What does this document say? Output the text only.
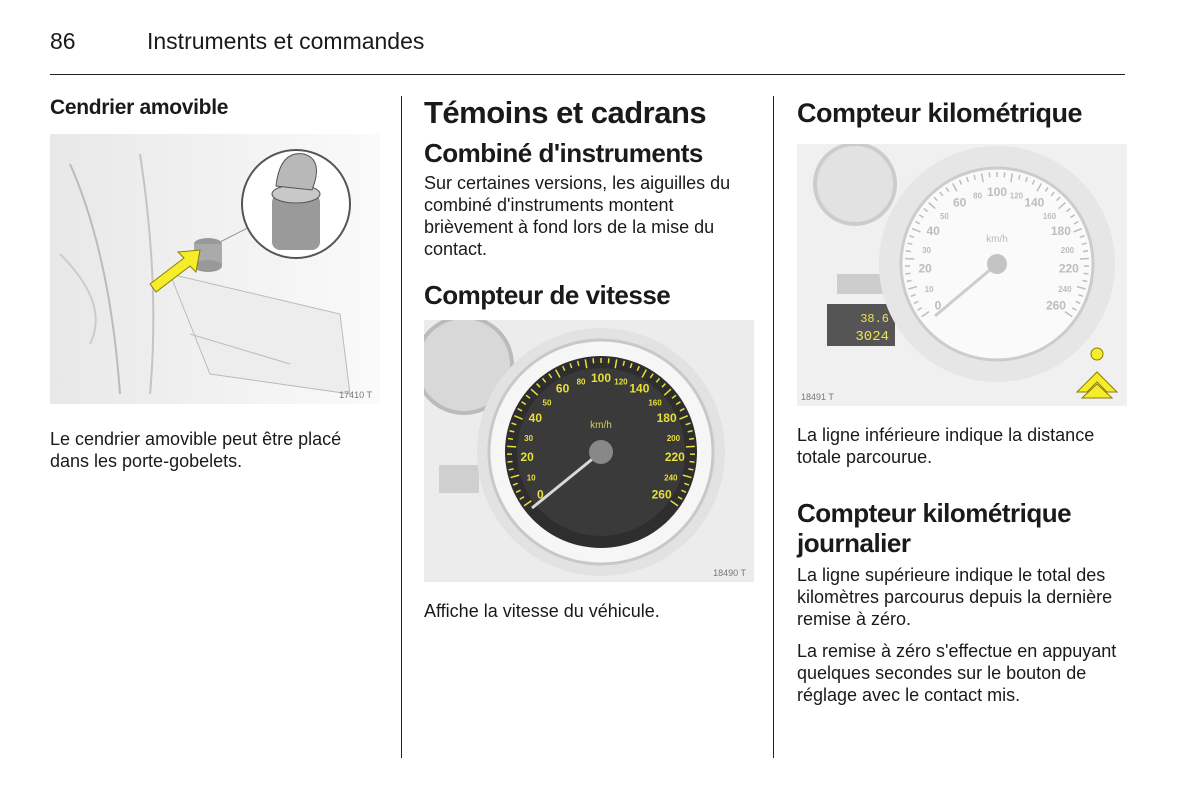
86	Instruments et commandes
Cendrier amovible
17410 T

Le cendrier amovible peut être placé dans les porte-gobelets.

Témoins et cadrans
Combiné d'instruments

Sur certaines versions, les aiguilles du combiné d'instruments montent brièvement à fond lors de la mise du contact.

Compteur de vitesse
0
10
20
30
40
50
60 80 100 120 140
160
180
200
220
240
260
km/h
18490 T

Affiche la vitesse du véhicule.

Compteur kilométrique
38.6
3024
0
10
20
30
40
50
60 80 100 120 140
160
180
200
220
240
260
km/h
18491 T

La ligne inférieure indique la distance totale parcourue.

Compteur kilométrique journalier

La ligne supérieure indique le total des kilomètres parcourus depuis la dernière remise à zéro.

La remise à zéro s'effectue en appuyant quelques secondes sur le bouton de réglage avec le contact mis.
